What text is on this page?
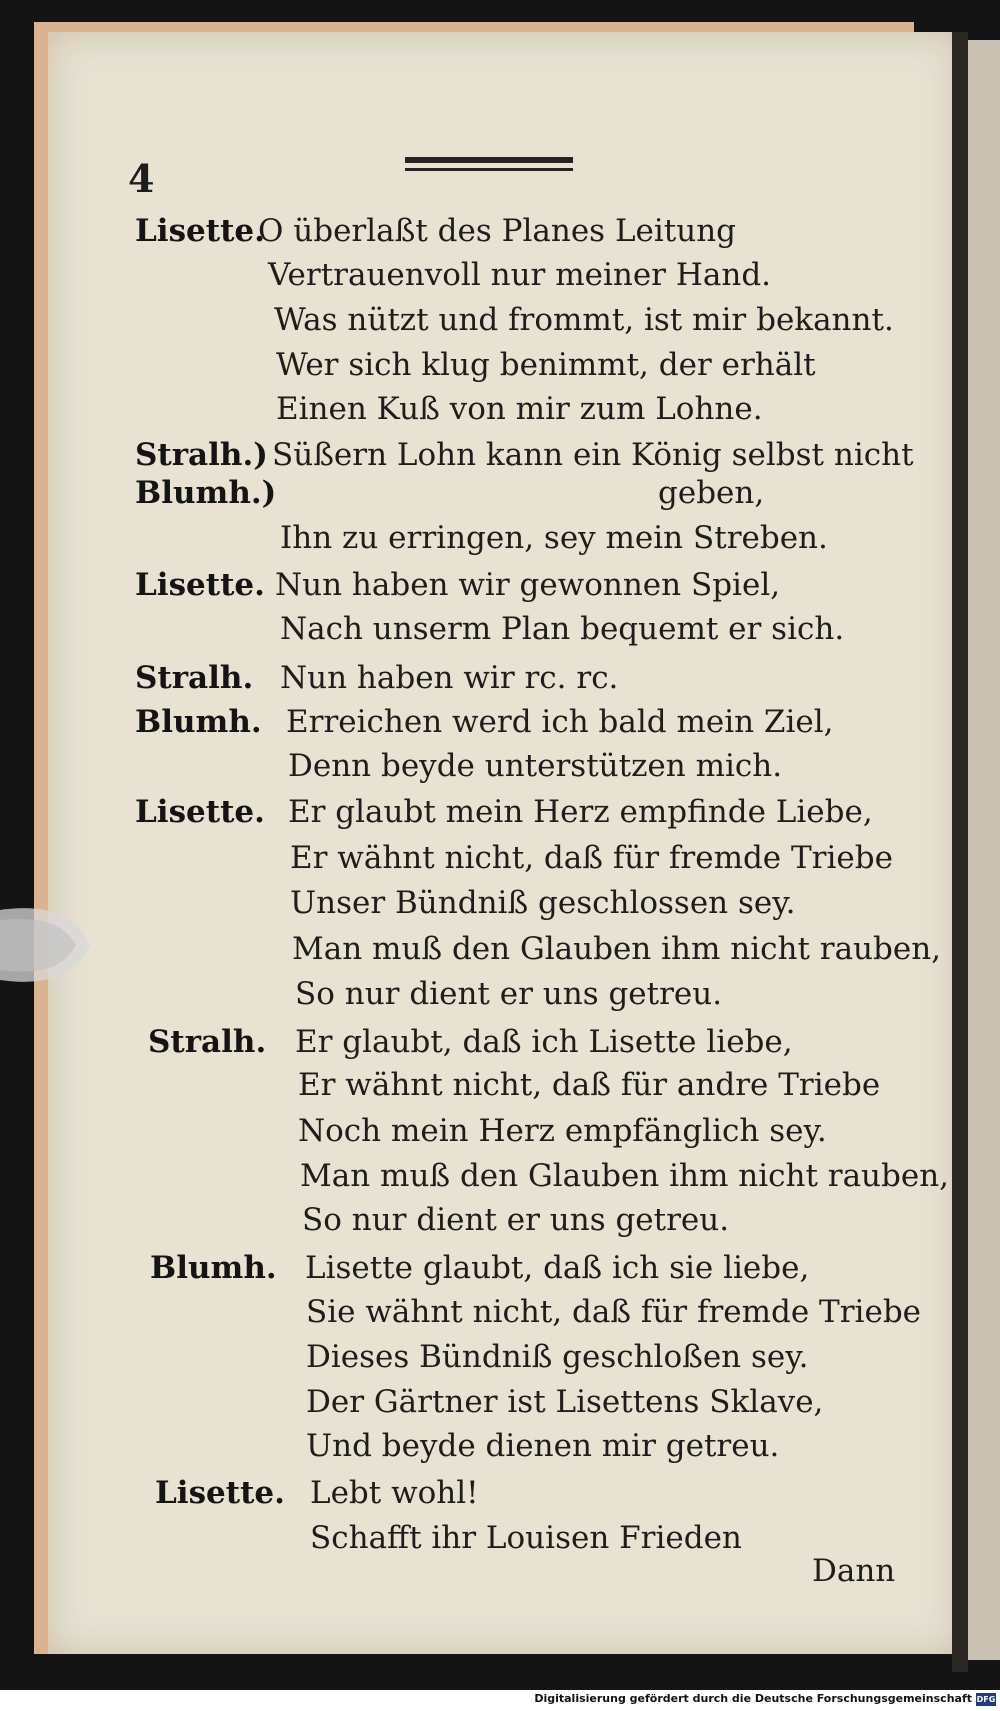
4
Lisette.
O überlaßt des Planes Leitung
Vertrauenvoll nur meiner Hand.
Was nützt und frommt, ist mir bekannt.
Wer sich klug benimmt, der erhält
Einen Kuß von mir zum Lohne.
Stralh.) Süßern Lohn kann ein König selbst nicht
Blumh.)	geben,
Ihn zu erringen, sey mein Streben.
Lisette. Nun haben wir gewonnen Spiel,
Nach unserm Plan bequemt er sich.
Stralh. Nun haben wir rc. rc.
Blumh. Erreichen werd ich bald mein Ziel,
Denn beyde unterstützen mich.
Lisette. Er glaubt mein Herz empfinde Liebe,
Er wähnt nicht, daß für fremde Triebe
Unser Bündniß geschlossen sey.
Man muß den Glauben ihm nicht rauben,
So nur dient er uns getreu.
Stralh. Er glaubt, daß ich Lisette liebe,
Er wähnt nicht, daß für andre Triebe
Noch mein Herz empfänglich sey.
Man muß den Glauben ihm nicht rauben,
So nur dient er uns getreu.
Blumh. Lisette glaubt, daß ich sie liebe,
Sie wähnt nicht, daß für fremde Triebe
Dieses Bündniß geschloßen sey.
Der Gärtner ist Lisettens Sklave,
Und beyde dienen mir getreu.
Lisette. Lebt wohl!
Schafft ihr Louisen Frieden
Dann
Digitalisierung gefördert durch die Deutsche Forschungsgemeinschaft DFG
